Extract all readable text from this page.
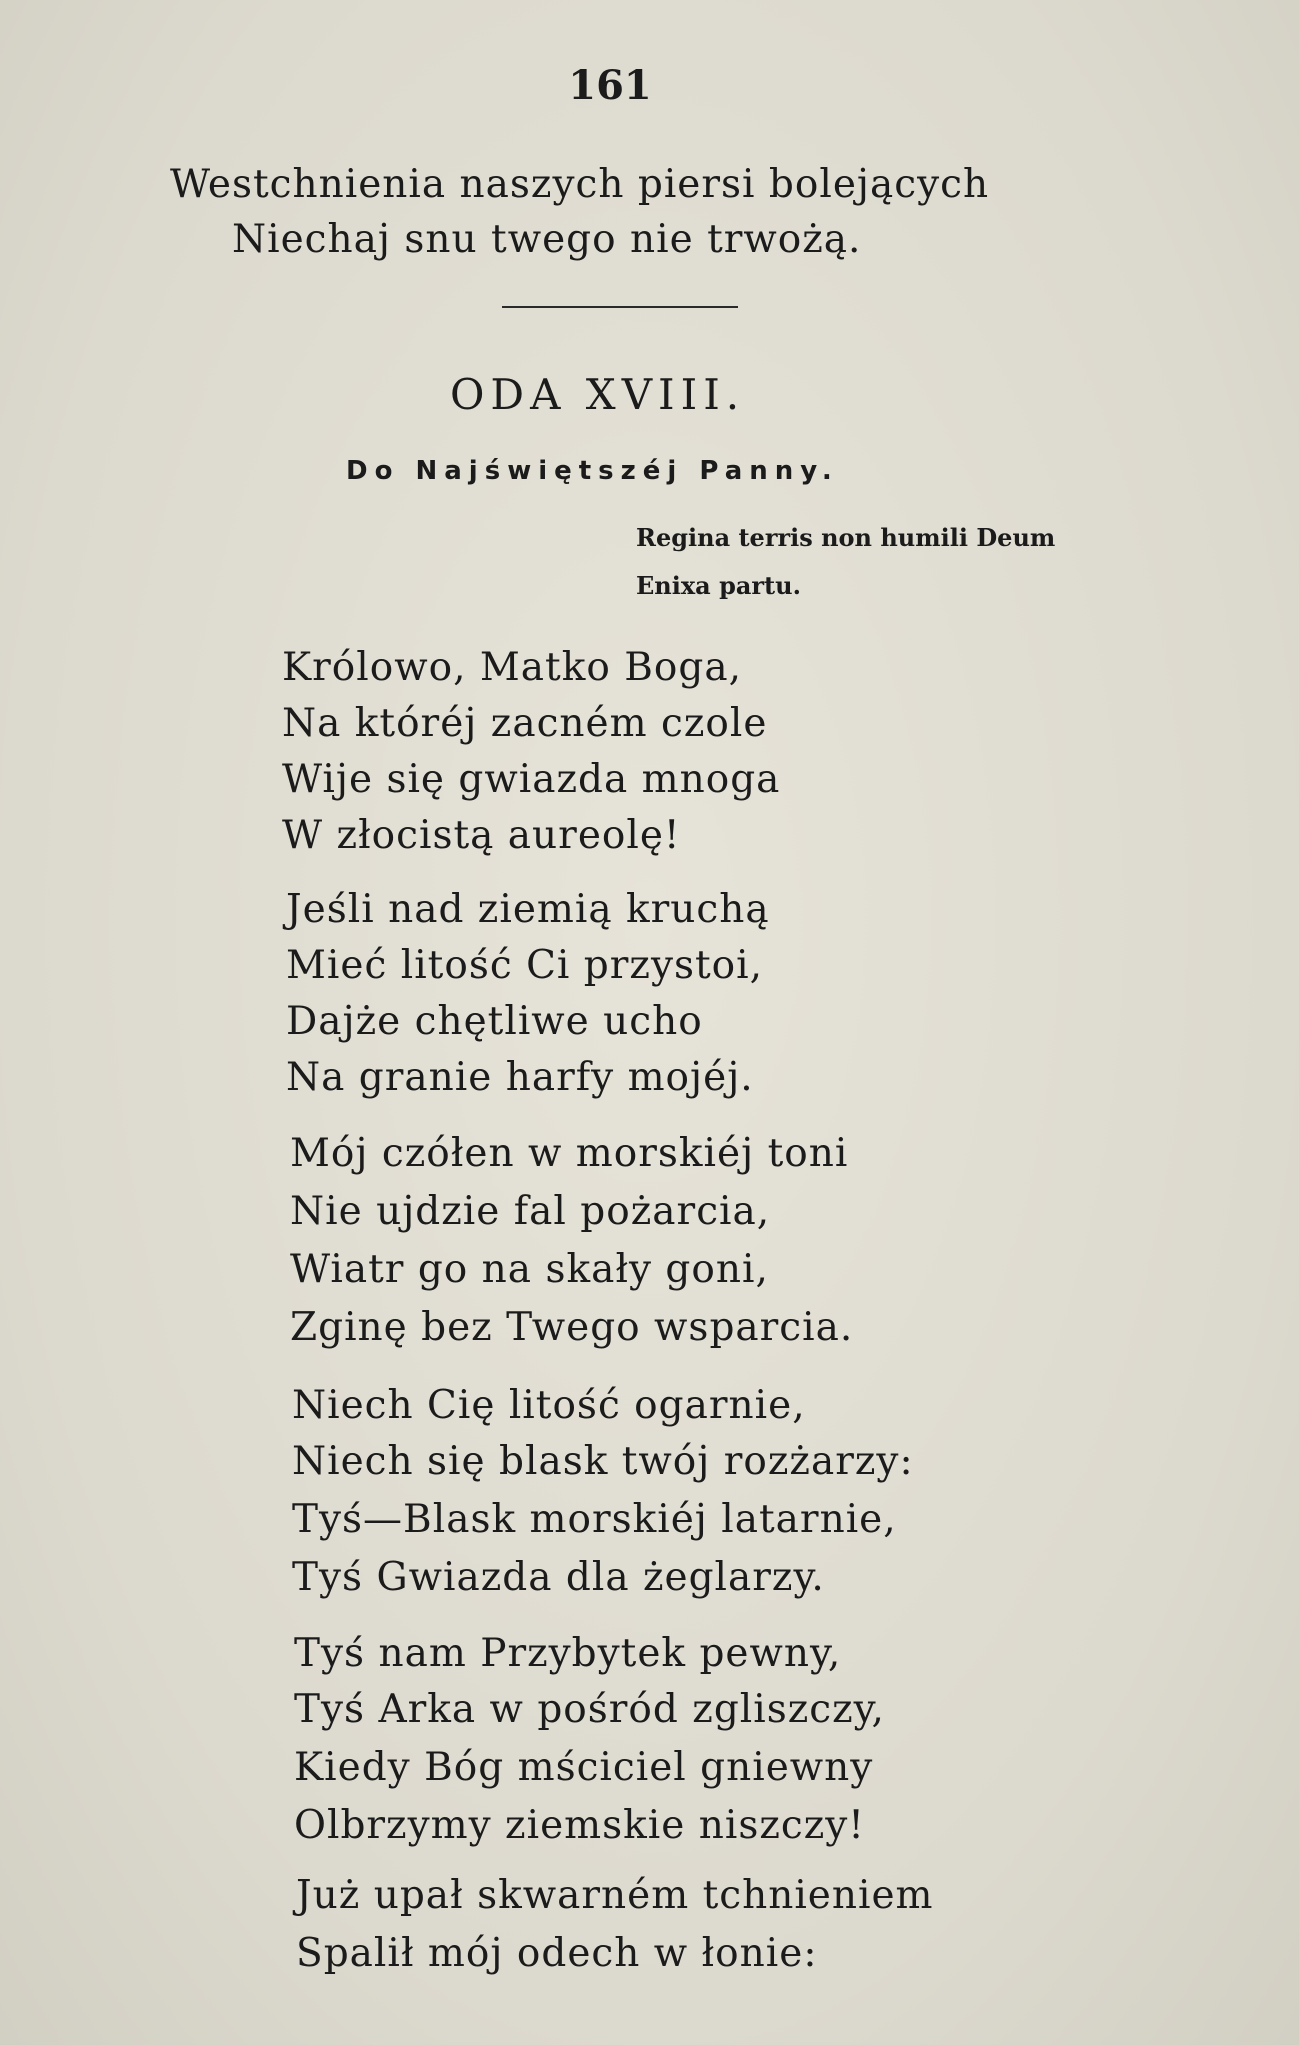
161

Westchnienia naszych piersi bolejących

Niechaj snu twego nie trwożą.

ODA XVIII.

Do Najświętszéj Panny.

Regina terris non humili Deum

Enixa partu.

Królowo, Matko Boga,

Na któréj zacném czole

Wije się gwiazda mnoga

W złocistą aureolę!

Jeśli nad ziemią kruchą

Mieć litość Ci przystoi,

Dajże chętliwe ucho

Na granie harfy mojéj.

Mój czółen w morskiéj toni

Nie ujdzie fal pożarcia,

Wiatr go na skały goni,

Zginę bez Twego wsparcia.

Niech Cię litość ogarnie,

Niech się blask twój rozżarzy:

Tyś—Blask morskiéj latarnie,

Tyś Gwiazda dla żeglarzy.

Tyś nam Przybytek pewny,

Tyś Arka w pośród zgliszczy,

Kiedy Bóg mściciel gniewny

Olbrzymy ziemskie niszczy!

Już upał skwarném tchnieniem

Spalił mój odech w łonie:
